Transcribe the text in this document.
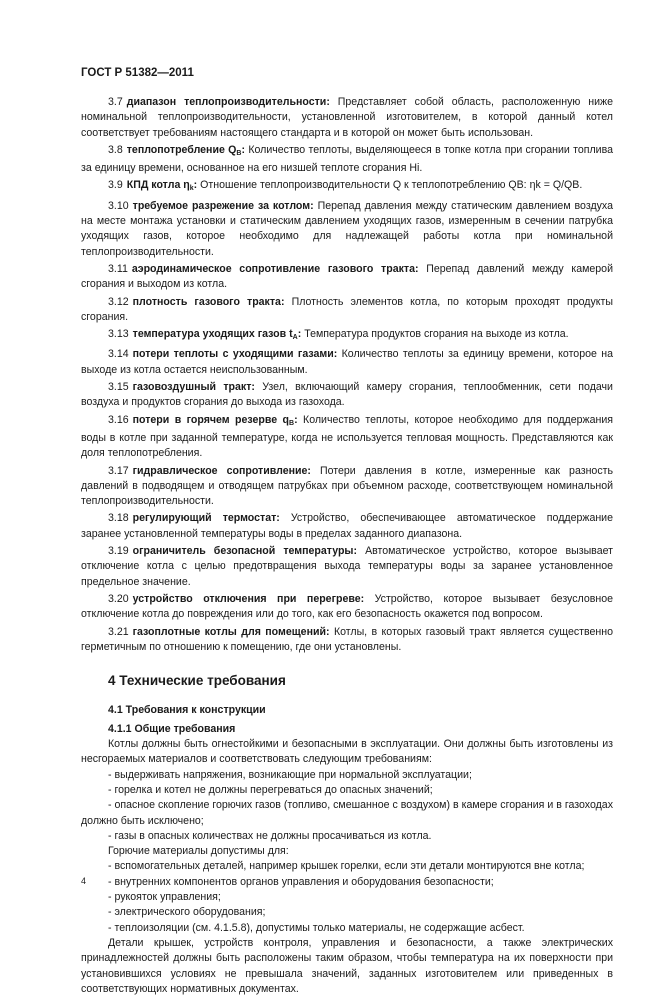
ГОСТ Р 51382—2011

3.7 диапазон теплопроизводительности: Представляет собой область, расположенную ниже номинальной теплопроизводительности, установленной изготовителем, в которой данный котел соответствует требованиям настоящего стандарта и в которой он может быть использован.

3.8 теплопотребление $Q_B$: Количество теплоты, выделяющееся в топке котла при сгорании топлива за единицу времени, основанное на его низшей теплоте сгорания Hi.

3.9 КПД котла $\eta_k$: Отношение теплопроизводительности Q к теплопотреблению QB: ηk = Q/QB.

3.10 требуемое разрежение за котлом: Перепад давления между статическим давлением воздуха на месте монтажа установки и статическим давлением уходящих газов, измеренным в сечении патрубка уходящих газов, которое необходимо для надлежащей работы котла при номинальной теплопроизводительности.

3.11 аэродинамическое сопротивление газового тракта: Перепад давлений между камерой сгорания и выходом из котла.

3.12 плотность газового тракта: Плотность элементов котла, по которым проходят продукты сгорания.

3.13 температура уходящих газов $t_A$: Температура продуктов сгорания на выходе из котла.

3.14 потери теплоты с уходящими газами: Количество теплоты за единицу времени, которое на выходе из котла остается неиспользованным.

3.15 газовоздушный тракт: Узел, включающий камеру сгорания, теплообменник, сети подачи воздуха и продуктов сгорания до выхода из газохода.

3.16 потери в горячем резерве $q_B$: Количество теплоты, которое необходимо для поддержания воды в котле при заданной температуре, когда не используется тепловая мощность. Представляются как доля теплопотребления.

3.17 гидравлическое сопротивление: Потери давления в котле, измеренные как разность давлений в подводящем и отводящем патрубках при объемном расходе, соответствующем номинальной теплопроизводительности.

3.18 регулирующий термостат: Устройство, обеспечивающее автоматическое поддержание заранее установленной температуры воды в пределах заданного диапазона.

3.19 ограничитель безопасной температуры: Автоматическое устройство, которое вызывает отключение котла с целью предотвращения выхода температуры воды за заранее установленное предельное значение.

3.20 устройство отключения при перегреве: Устройство, которое вызывает безусловное отключение котла до повреждения или до того, как его безопасность окажется под вопросом.

3.21 газоплотные котлы для помещений: Котлы, в которых газовый тракт является существенно герметичным по отношению к помещению, где они установлены.

4 Технические требования
4.1 Требования к конструкции
4.1.1 Общие требования

Котлы должны быть огнестойкими и безопасными в эксплуатации. Они должны быть изготовлены из несгораемых материалов и соответствовать следующим требованиям:

- выдерживать напряжения, возникающие при нормальной эксплуатации;

- горелка и котел не должны перегреваться до опасных значений;

- опасное скопление горючих газов (топливо, смешанное с воздухом) в камере сгорания и в газоходах должно быть исключено;

- газы в опасных количествах не должны просачиваться из котла.

Горючие материалы допустимы для:

- вспомогательных деталей, например крышек горелки, если эти детали монтируются вне котла;

- внутренних компонентов органов управления и оборудования безопасности;

- рукояток управления;

- электрического оборудования;

- теплоизоляции (см. 4.1.5.8), допустимы только материалы, не содержащие асбест.

Детали крышек, устройств контроля, управления и безопасности, а также электрических принадлежностей должны быть расположены таким образом, чтобы температура на их поверхности при установившихся условиях не превышала значений, заданных изготовителем или приведенных в соответствующих нормативных документах.

4
